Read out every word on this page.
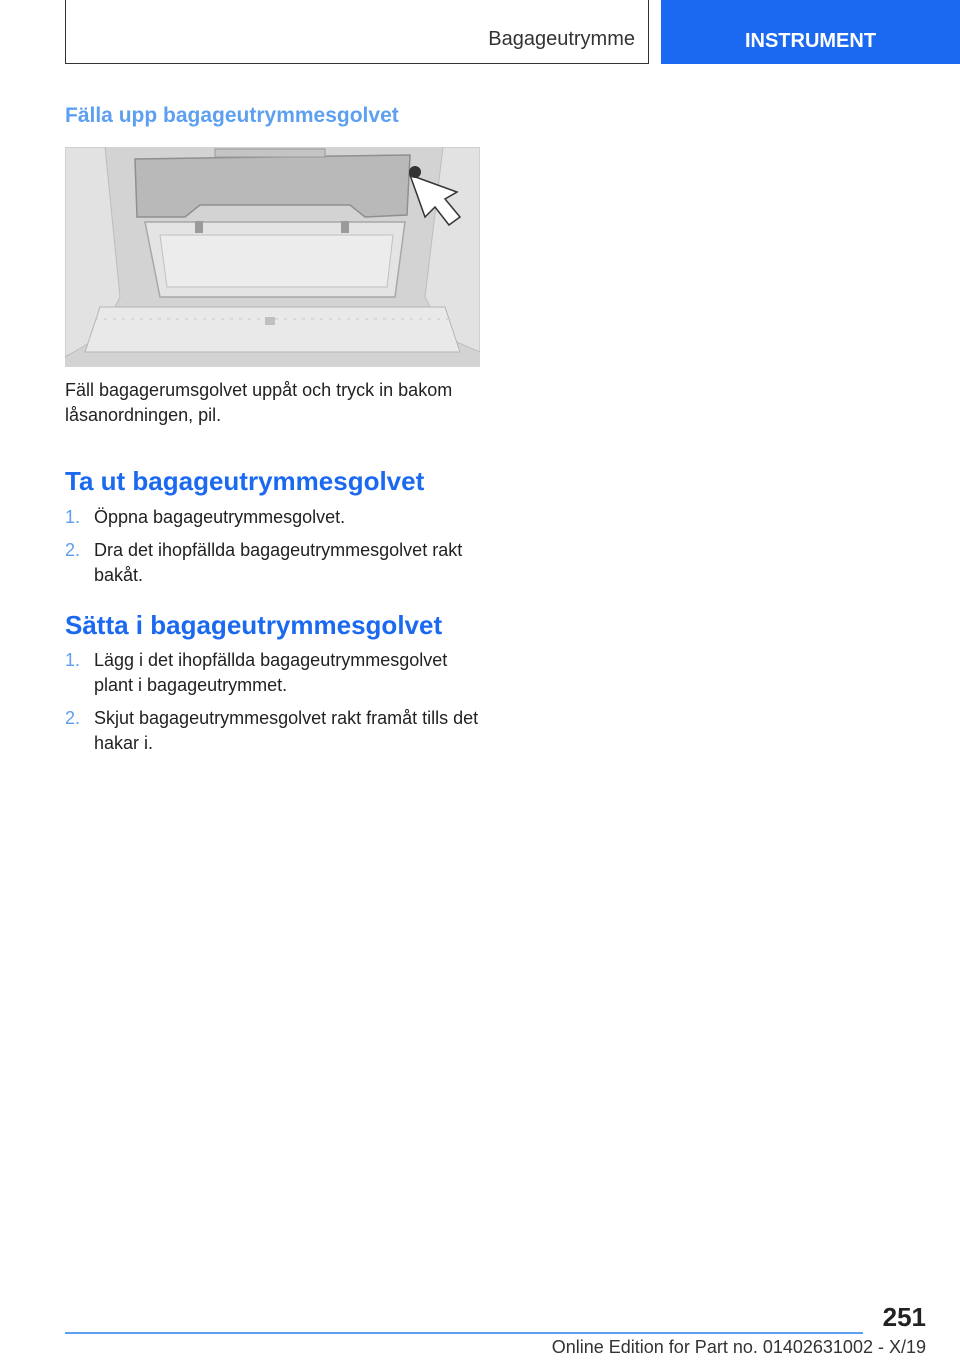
Bagageutrymme	INSTRUMENT
Fälla upp bagageutrymmesgolvet
Fäll bagagerumsgolvet uppåt och tryck in bakom låsanordningen, pil.
Ta ut bagageutrymmesgolvet
1. Öppna bagageutrymmesgolvet.
2. Dra det ihopfällda bagageutrymmesgolvet rakt bakåt.
Sätta i bagageutrymmesgolvet
1. Lägg i det ihopfällda bagageutrymmesgolvet plant i bagageutrymmet.
2. Skjut bagageutrymmesgolvet rakt framåt tills det hakar i.
251
Online Edition for Part no. 01402631002 - X/19
